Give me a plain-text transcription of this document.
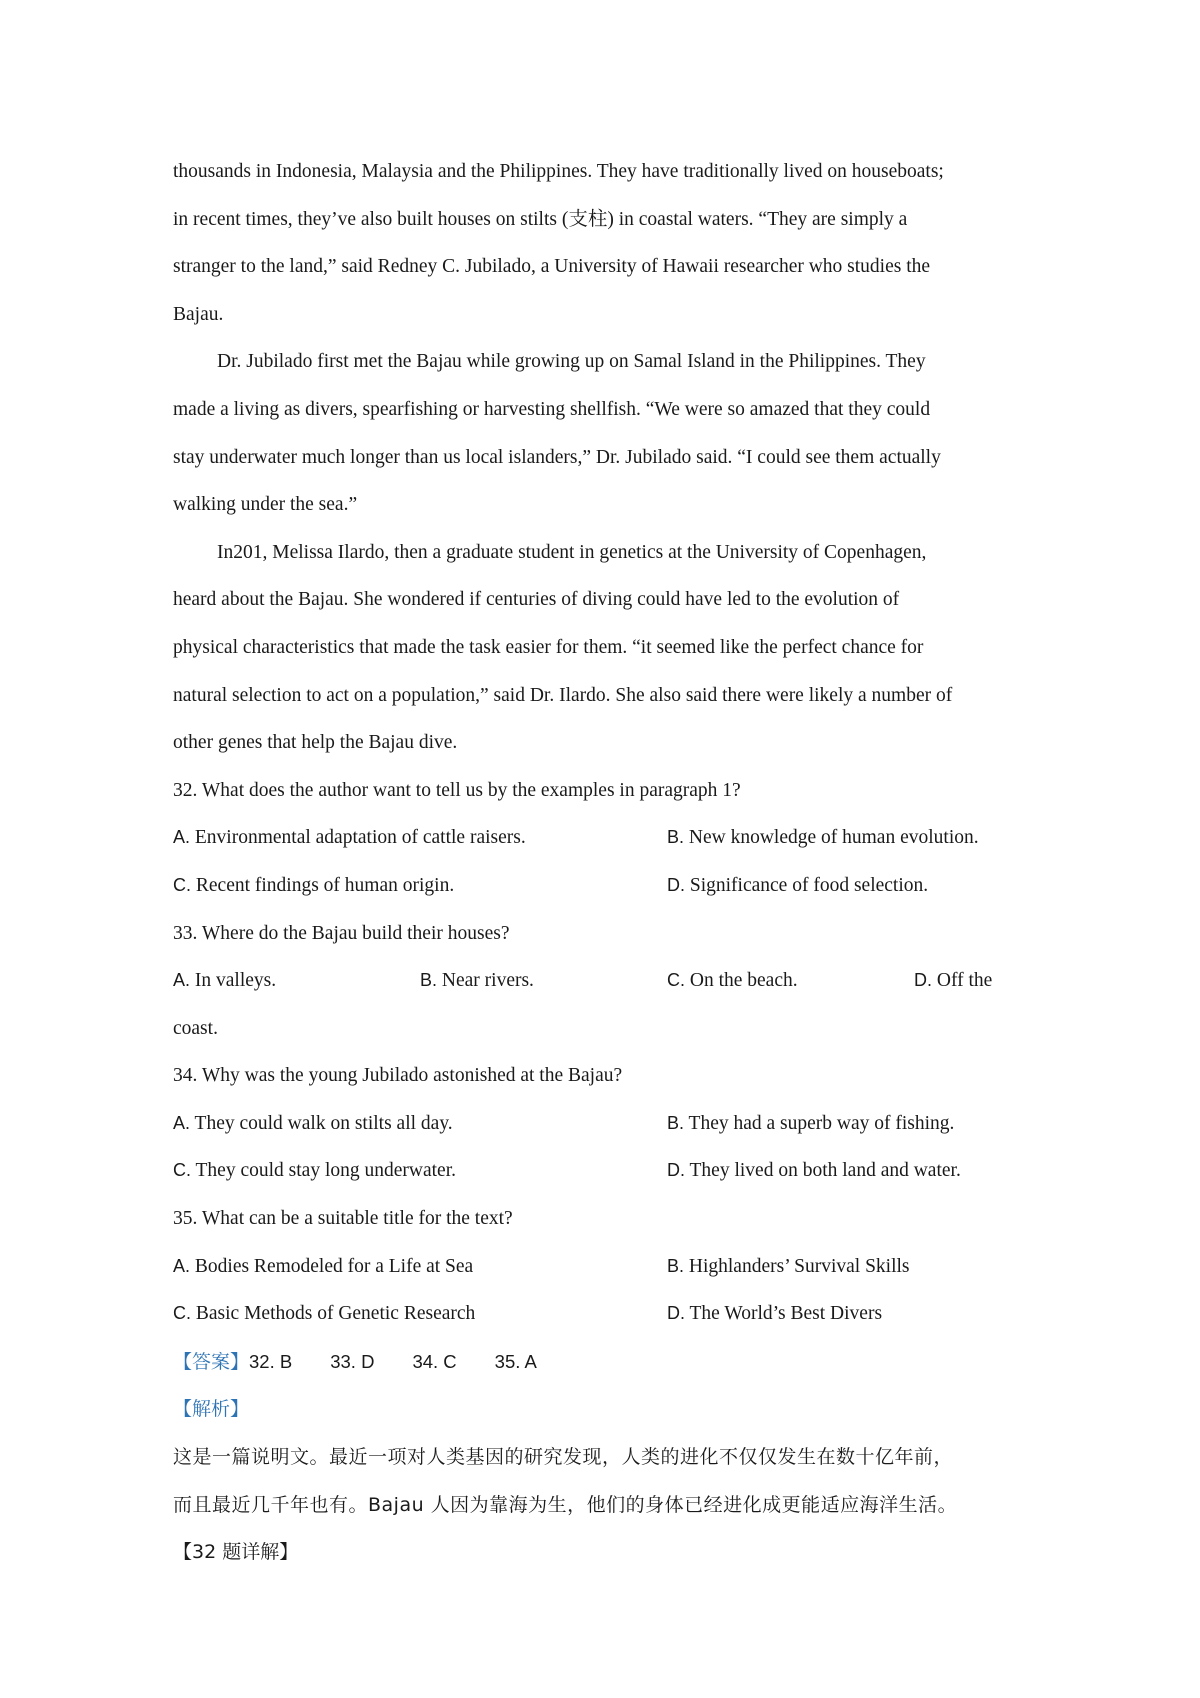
thousands in Indonesia, Malaysia and the Philippines. They have traditionally lived on houseboats;
in recent times, they’ve also built houses on stilts (支柱) in coastal waters. “They are simply a
stranger to the land,” said Redney C. Jubilado, a University of Hawaii researcher who studies the
Bajau.

Dr. Jubilado first met the Bajau while growing up on Samal Island in the Philippines. They
made a living as divers, spearfishing or harvesting shellfish. “We were so amazed that they could
stay underwater much longer than us local islanders,” Dr. Jubilado said. “I could see them actually
walking under the sea.”

In201, Melissa Ilardo, then a graduate student in genetics at the University of Copenhagen,
heard about the Bajau. She wondered if centuries of diving could have led to the evolution of
physical characteristics that made the task easier for them. “it seemed like the perfect chance for
natural selection to act on a population,” said Dr. Ilardo. She also said there were likely a number of
other genes that help the Bajau dive.

32. What does the author want to tell us by the examples in paragraph 1?

A. Environmental adaptation of cattle raisers.	B. New knowledge of human evolution.
C. Recent findings of human origin.	D. Significance of food selection.

33. Where do the Bajau build their houses?

A. In valleys.	B. Near rivers.	C. On the beach.	D. Off the

coast.

34. Why was the young Jubilado astonished at the Bajau?

A. They could walk on stilts all day.	B. They had a superb way of fishing.
C. They could stay long underwater.	D. They lived on both land and water.

35. What can be a suitable title for the text?

A. Bodies Remodeled for a Life at Sea	B. Highlanders’ Survival Skills
C. Basic Methods of Genetic Research	D. The World’s Best Divers
【答案】 32. B 33. D 34. C 35. A

【解析】

这是一篇说明文。最近一项对人类基因的研究发现，人类的进化不仅仅发生在数十亿年前，

而且最近几千年也有。Bajau 人因为靠海为生，他们的身体已经进化成更能适应海洋生活。

【32 题详解】
